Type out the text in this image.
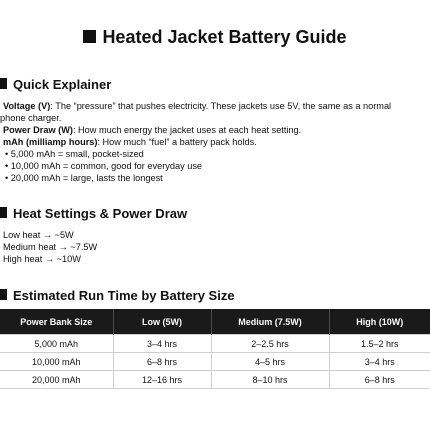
Heated Jacket Battery Guide
Quick Explainer
Voltage (V): The “pressure” that pushes electricity. These jackets use 5V, the same as a normal
phone charger.
Power Draw (W): How much energy the jacket uses at each heat setting.
mAh (milliamp hours): How much “fuel” a battery pack holds.
• 5,000 mAh = small, pocket-sized
• 10,000 mAh = common, good for everyday use
• 20,000 mAh = large, lasts the longest
Heat Settings & Power Draw
Low heat → ~5W
Medium heat → ~7.5W
High heat → ~10W
Estimated Run Time by Battery Size
Power Bank Size	Low (5W)	Medium (7.5W)	High (10W)
5,000 mAh	3–4 hrs	2–2.5 hrs	1.5–2 hrs
10,000 mAh	6–8 hrs	4–5 hrs	3–4 hrs
20,000 mAh	12–16 hrs	8–10 hrs	6–8 hrs
